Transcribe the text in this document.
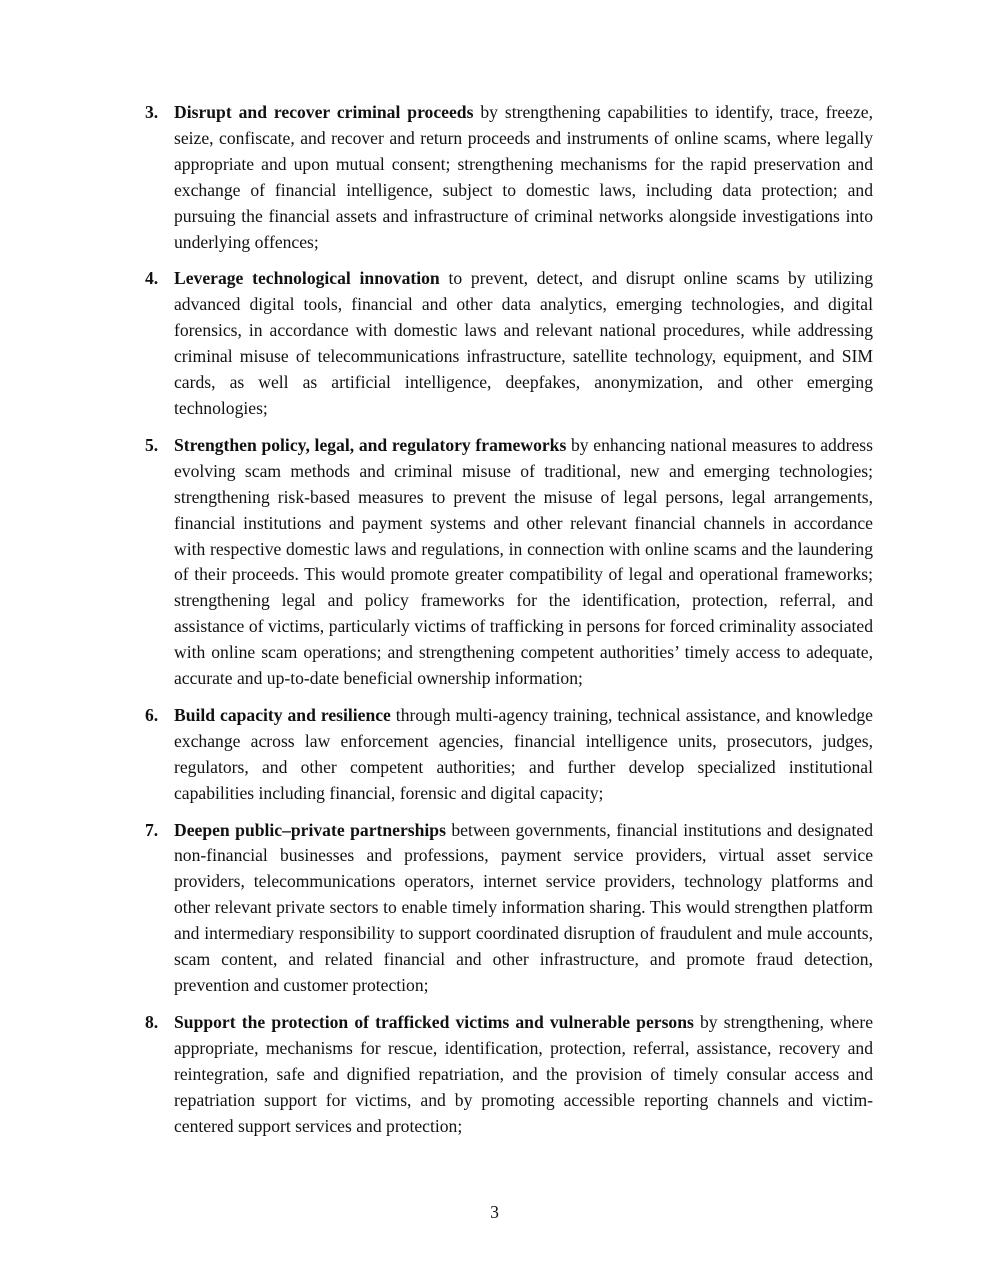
3. Disrupt and recover criminal proceeds by strengthening capabilities to identify, trace, freeze, seize, confiscate, and recover and return proceeds and instruments of online scams, where legally appropriate and upon mutual consent; strengthening mechanisms for the rapid preservation and exchange of financial intelligence, subject to domestic laws, including data protection; and pursuing the financial assets and infrastructure of criminal networks alongside investigations into underlying offences;
4. Leverage technological innovation to prevent, detect, and disrupt online scams by utilizing advanced digital tools, financial and other data analytics, emerging technologies, and digital forensics, in accordance with domestic laws and relevant national procedures, while addressing criminal misuse of telecommunications infrastructure, satellite technology, equipment, and SIM cards, as well as artificial intelligence, deepfakes, anonymization, and other emerging technologies;
5. Strengthen policy, legal, and regulatory frameworks by enhancing national measures to address evolving scam methods and criminal misuse of traditional, new and emerging technologies; strengthening risk-based measures to prevent the misuse of legal persons, legal arrangements, financial institutions and payment systems and other relevant financial channels in accordance with respective domestic laws and regulations, in connection with online scams and the laundering of their proceeds. This would promote greater compatibility of legal and operational frameworks; strengthening legal and policy frameworks for the identification, protection, referral, and assistance of victims, particularly victims of trafficking in persons for forced criminality associated with online scam operations; and strengthening competent authorities’ timely access to adequate, accurate and up-to-date beneficial ownership information;
6. Build capacity and resilience through multi-agency training, technical assistance, and knowledge exchange across law enforcement agencies, financial intelligence units, prosecutors, judges, regulators, and other competent authorities; and further develop specialized institutional capabilities including financial, forensic and digital capacity;
7. Deepen public–private partnerships between governments, financial institutions and designated non-financial businesses and professions, payment service providers, virtual asset service providers, telecommunications operators, internet service providers, technology platforms and other relevant private sectors to enable timely information sharing. This would strengthen platform and intermediary responsibility to support coordinated disruption of fraudulent and mule accounts, scam content, and related financial and other infrastructure, and promote fraud detection, prevention and customer protection;
8. Support the protection of trafficked victims and vulnerable persons by strengthening, where appropriate, mechanisms for rescue, identification, protection, referral, assistance, recovery and reintegration, safe and dignified repatriation, and the provision of timely consular access and repatriation support for victims, and by promoting accessible reporting channels and victim-centered support services and protection;
3
